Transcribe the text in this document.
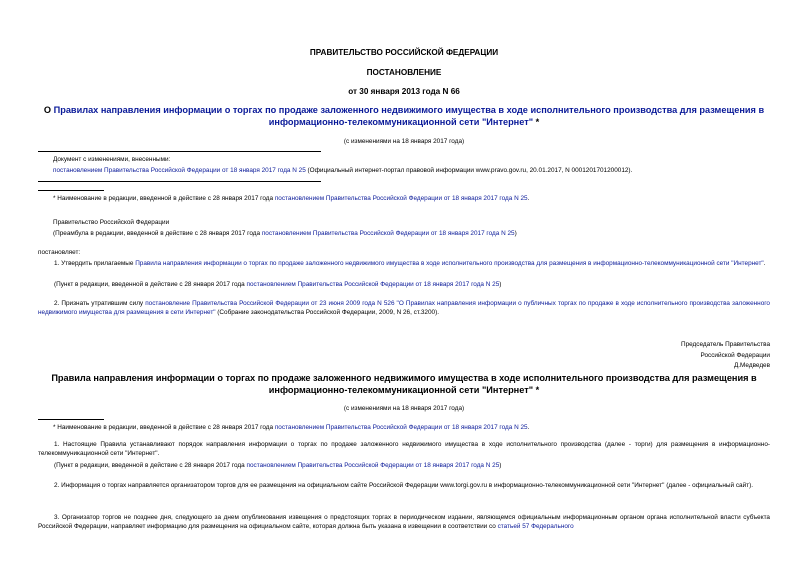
ПРАВИТЕЛЬСТВО РОССИЙСКОЙ ФЕДЕРАЦИИ
ПОСТАНОВЛЕНИЕ
от 30 января 2013 года N 66
О Правилах направления информации о торгах по продаже заложенного недвижимого имущества в ходе исполнительного производства для размещения в информационно-телекоммуникационной сети "Интернет" *
(с изменениями на 18 января 2017 года)
Документ с изменениями, внесенными:
постановлением Правительства Российской Федерации от 18 января 2017 года N 25 (Официальный интернет-портал правовой информации www.pravo.gov.ru, 20.01.2017, N 0001201701200012).
* Наименование в редакции, введенной в действие с 28 января 2017 года постановлением Правительства Российской Федерации от 18 января 2017 года N 25.
Правительство Российской Федерации
(Преамбула в редакции, введенной в действие с 28 января 2017 года постановлением Правительства Российской Федерации от 18 января 2017 года N 25)
постановляет:
1. Утвердить прилагаемые Правила направления информации о торгах по продаже заложенного недвижимого имущества в ходе исполнительного производства для размещения в информационно-телекоммуникационной сети "Интернет".
(Пункт в редакции, введенной в действие с 28 января 2017 года постановлением Правительства Российской Федерации от 18 января 2017 года N 25)
2. Признать утратившим силу постановление Правительства Российской Федерации от 23 июня 2009 года N 526 "О Правилах направления информации о публичных торгах по продаже в ходе исполнительного производства заложенного недвижимого имущества для размещения в сети Интернет" (Собрание законодательства Российской Федерации, 2009, N 26, ст.3200).
Председатель Правительства
Российской Федерации
Д.Медведев
Правила направления информации о торгах по продаже заложенного недвижимого имущества в ходе исполнительного производства для размещения в информационно-телекоммуникационной сети "Интернет" *
(с изменениями на 18 января 2017 года)
* Наименование в редакции, введенной в действие с 28 января 2017 года постановлением Правительства Российской Федерации от 18 января 2017 года N 25.
1. Настоящие Правила устанавливают порядок направления информации о торгах по продаже заложенного недвижимого имущества в ходе исполнительного производства (далее - торги) для размещения в информационно-телекоммуникационной сети "Интернет".
(Пункт в редакции, введенной в действие с 28 января 2017 года постановлением Правительства Российской Федерации от 18 января 2017 года N 25)
2. Информация о торгах направляется организатором торгов для ее размещения на официальном сайте Российской Федерации www.torgi.gov.ru в информационно-телекоммуникационной сети "Интернет" (далее - официальный сайт).
3. Организатор торгов не позднее дня, следующего за днем опубликования извещения о предстоящих торгах в периодическом издании, являющемся официальным информационным органом органа исполнительной власти субъекта Российской Федерации, направляет информацию для размещения на официальном сайте, которая должна быть указана в извещении в соответствии со статьей 57 Федерального
